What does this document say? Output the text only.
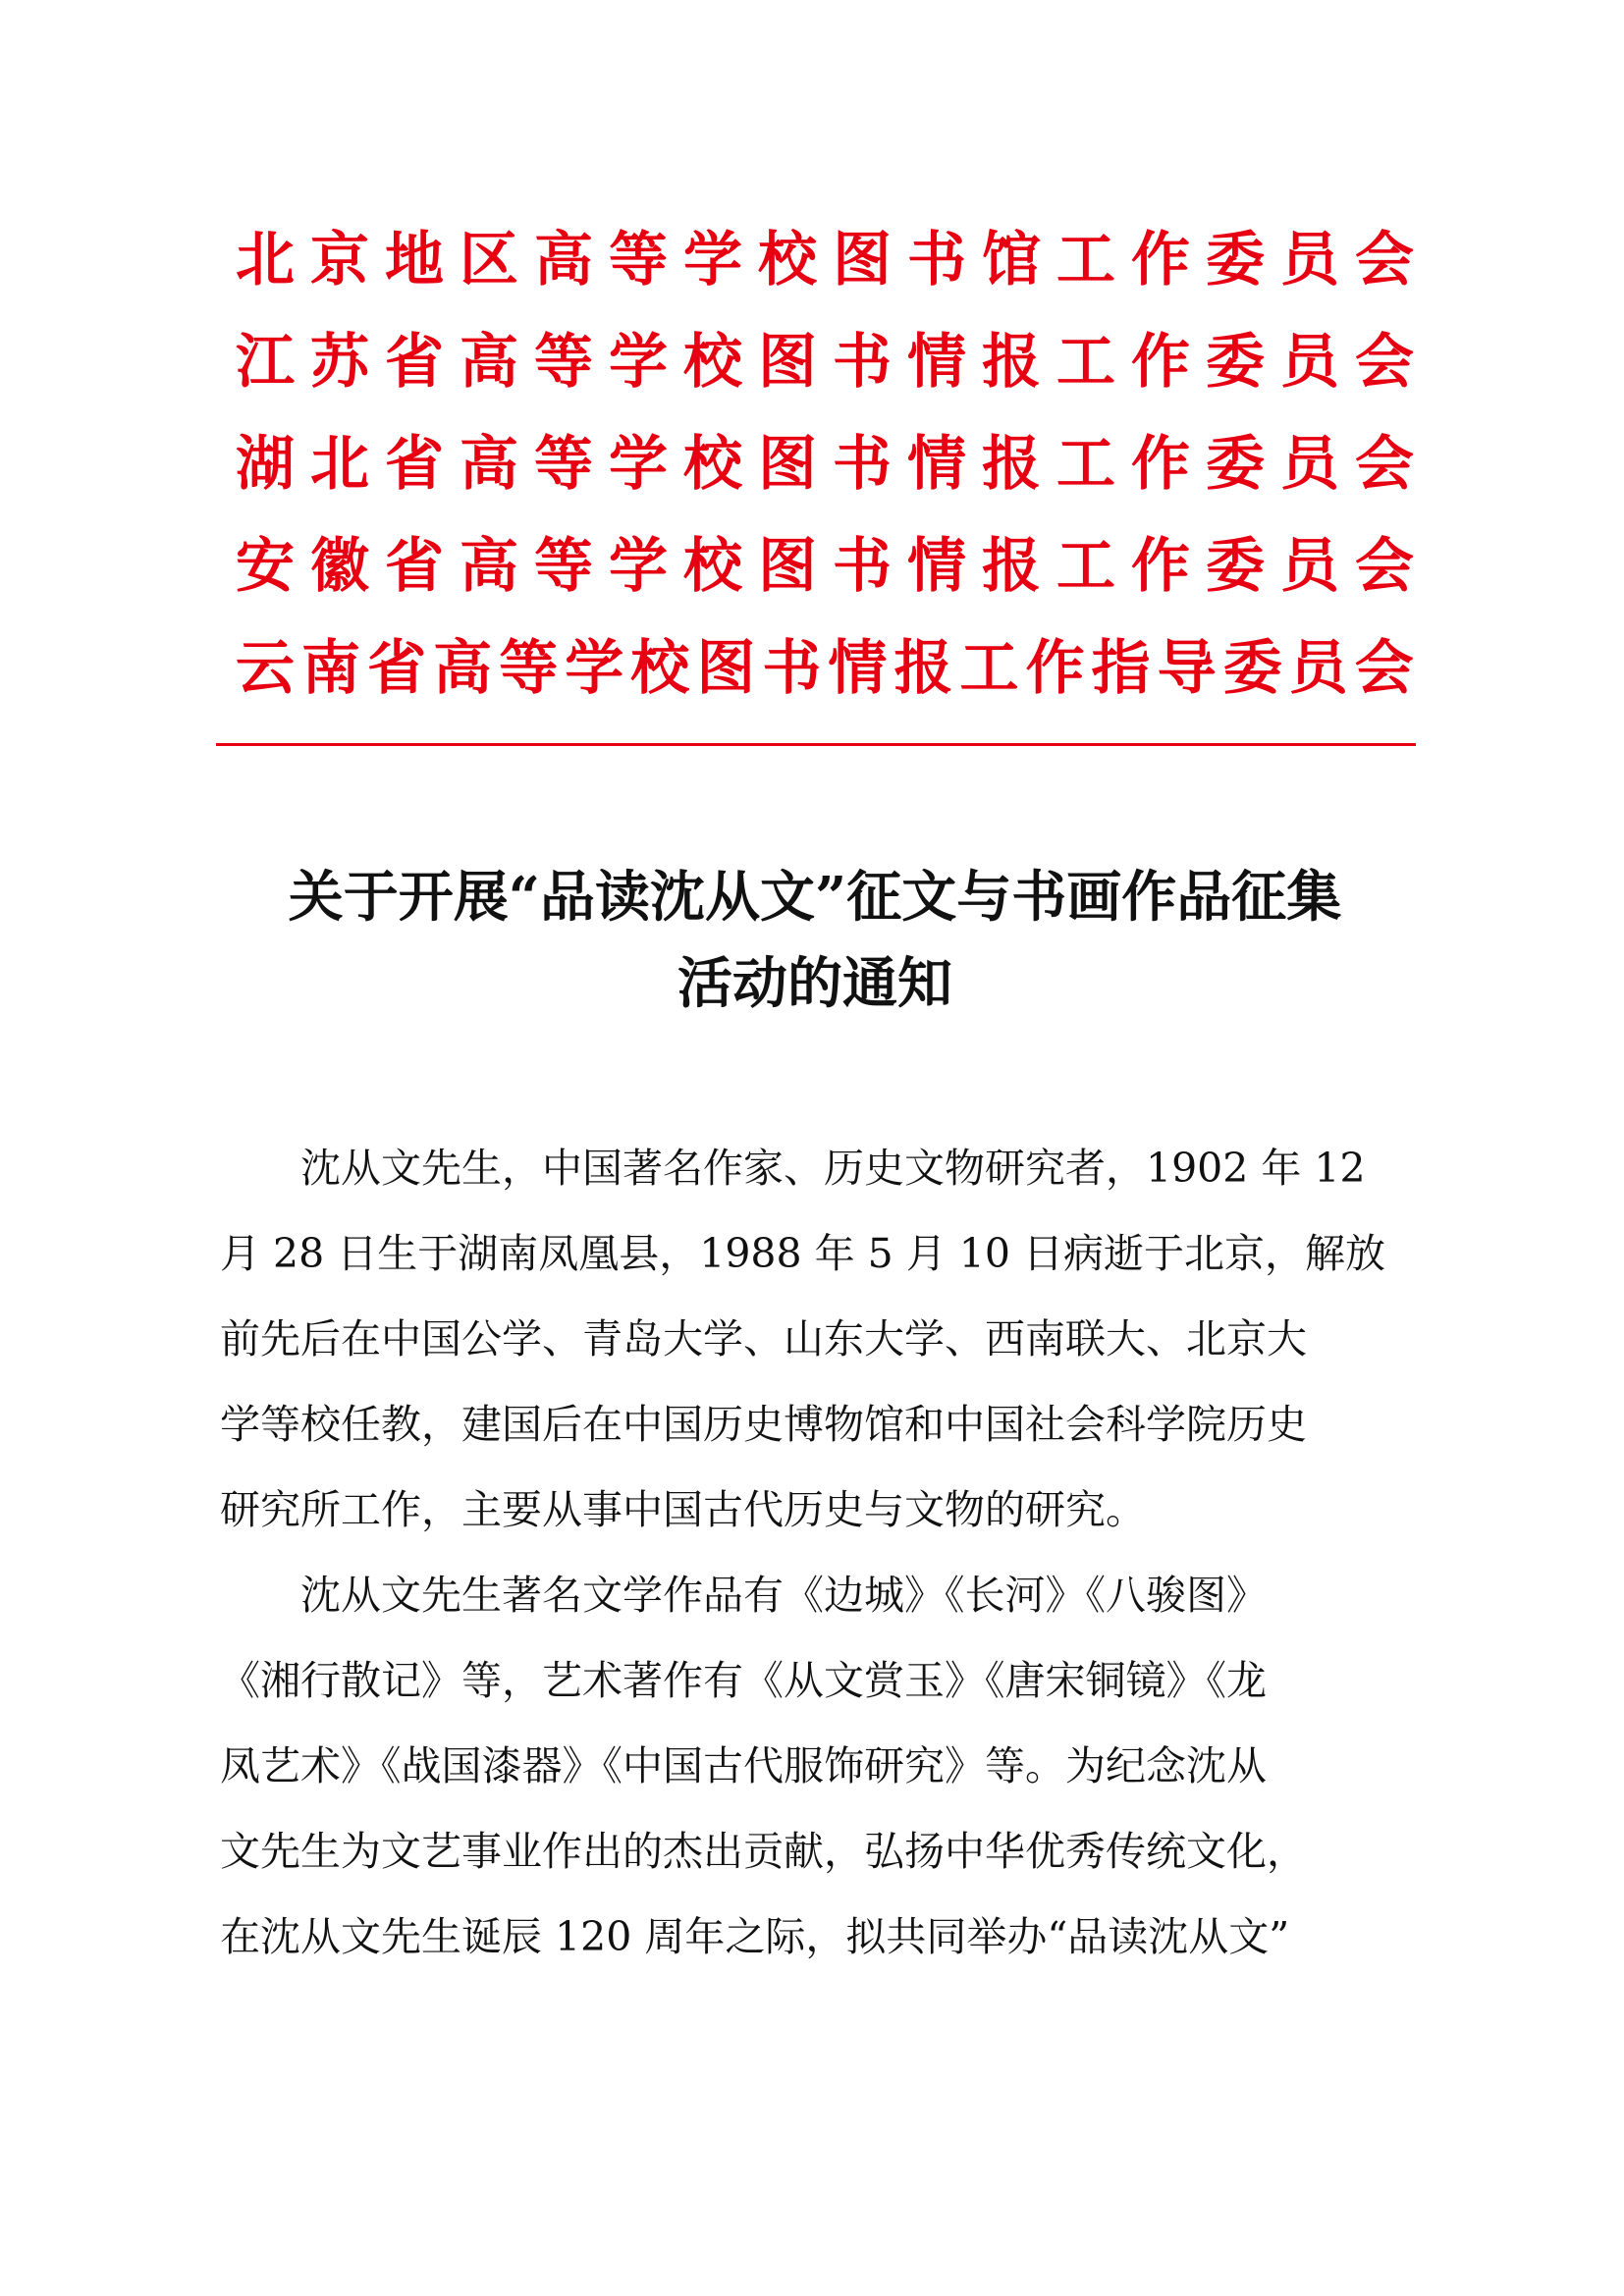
北 京 地 区 高 等 学 校 图 书 馆 工 作 委 员 会
江 苏 省 高 等 学 校 图 书 情 报 工 作 委 员 会
湖 北 省 高 等 学 校 图 书 情 报 工 作 委 员 会
安 徽 省 高 等 学 校 图 书 情 报 工 作 委 员 会
云 南 省 高 等 学 校 图 书 情 报 工 作 指 导 委 员 会
关于开展“品读沈从文”征文与书画作品征集
活动的通知

　　沈从文先生，中国著名作家、历史文物研究者，1902 年 12
月 28 日生于湖南凤凰县，1988 年 5 月 10 日病逝于北京，解放
前先后在中国公学、青岛大学、山东大学、西南联大、北京大
学等校任教，建国后在中国历史博物馆和中国社会科学院历史
研究所工作，主要从事中国古代历史与文物的研究。

　　沈从文先生著名文学作品有《边城》《长河》《八骏图》
《湘行散记》等，艺术著作有《从文赏玉》《唐宋铜镜》《龙
凤艺术》《战国漆器》《中国古代服饰研究》等。为纪念沈从
文先生为文艺事业作出的杰出贡献，弘扬中华优秀传统文化，
在沈从文先生诞辰 120 周年之际，拟共同举办“品读沈从文”
